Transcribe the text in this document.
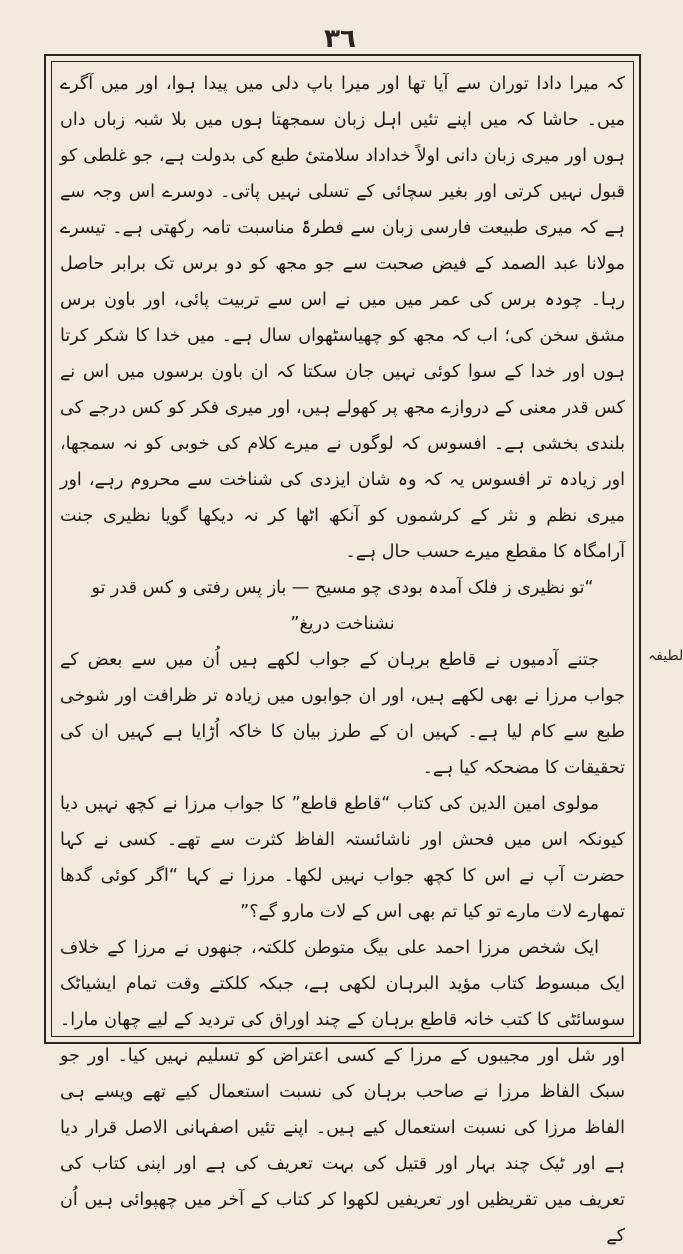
۳٦

کہ میرا دادا توران سے آیا تھا اور میرا باپ دلی میں پیدا ہوا، اور میں آگرے میں۔ حاشا کہ میں اپنے تئیں اہل زبان سمجھتا ہوں میں بلا شبہ زباں داں ہوں اور میری زبان دانی اولاً خداداد سلامتیٔ طبع کی بدولت ہے، جو غلطی کو قبول نہیں کرتی اور بغیر سچائی کے تسلی نہیں پاتی۔ دوسرے اس وجہ سے ہے کہ میری طبیعت فارسی زبان سے فطرۃً مناسبت تامہ رکھتی ہے۔ تیسرے مولانا عبد الصمد کے فیض صحبت سے جو مجھ کو دو برس تک برابر حاصل رہا۔ چودہ برس کی عمر میں میں نے اس سے تربیت پائی، اور باون برس مشق سخن کی؛ اب کہ مجھ کو چھیاسٹھواں سال ہے۔ میں خدا کا شکر کرتا ہوں اور خدا کے سوا کوئی نہیں جان سکتا کہ ان باون برسوں میں اس نے کس قدر معنی کے دروازے مجھ پر کھولے ہیں، اور میری فکر کو کس درجے کی بلندی بخشی ہے۔ افسوس کہ لوگوں نے میرے کلام کی خوبی کو نہ سمجھا، اور زیادہ تر افسوس یہ کہ وہ شان ایزدی کی شناخت سے محروم رہے، اور میری نظم و نثر کے کرشموں کو آنکھ اٹھا کر نہ دیکھا گویا نظیری جنت آرامگاہ کا مقطع میرے حسب حال ہے۔

“تو نظیری ز فلک آمدہ بودی چو مسیح — باز پس رفتی و کس قدر تو نشناخت دریغ”

جتنے آدمیوں نے قاطع برہان کے جواب لکھے ہیں اُن میں سے بعض کے جواب مرزا نے بھی لکھے ہیں، اور ان جوابوں میں زیادہ تر ظرافت اور شوخی طبع سے کام لیا ہے۔ کہیں ان کے طرز بیان کا خاکہ اُڑایا ہے کہیں ان کی تحقیقات کا مضحکہ کیا ہے۔

مولوی امین الدین کی کتاب “قاطع قاطع” کا جواب مرزا نے کچھ نہیں دیا کیونکہ اس میں فحش اور ناشائستہ الفاظ کثرت سے تھے۔ کسی نے کہا حضرت آپ نے اس کا کچھ جواب نہیں لکھا۔ مرزا نے کہا “اگر کوئی گدھا تمھارے لات مارے تو کیا تم بھی اس کے لات مارو گے؟”

ایک شخص مرزا احمد علی بیگ متوطن کلکتہ، جنھوں نے مرزا کے خلاف ایک مبسوط کتاب مؤید البرہان لکھی ہے، جبکہ کلکتے وقت تمام ایشیاٹک سوسائٹی کا کتب خانہ قاطع برہان کے چند اوراق کی تردید کے لیے چھان مارا۔ اور شل اور مجیبوں کے مرزا کے کسی اعتراض کو تسلیم نہیں کیا۔ اور جو سبک الفاظ مرزا نے صاحب برہان کی نسبت استعمال کیے تھے ویسے ہی الفاظ مرزا کی نسبت استعمال کیے ہیں۔ اپنے تئیں اصفہانی الاصل قرار دیا ہے اور ٹیک چند بہار اور قتیل کی بہت تعریف کی ہے اور اپنی کتاب کی تعریف میں تقریظیں اور تعریفیں لکھوا کر کتاب کے آخر میں چھپوائی ہیں اُن کے

لطیفہ
